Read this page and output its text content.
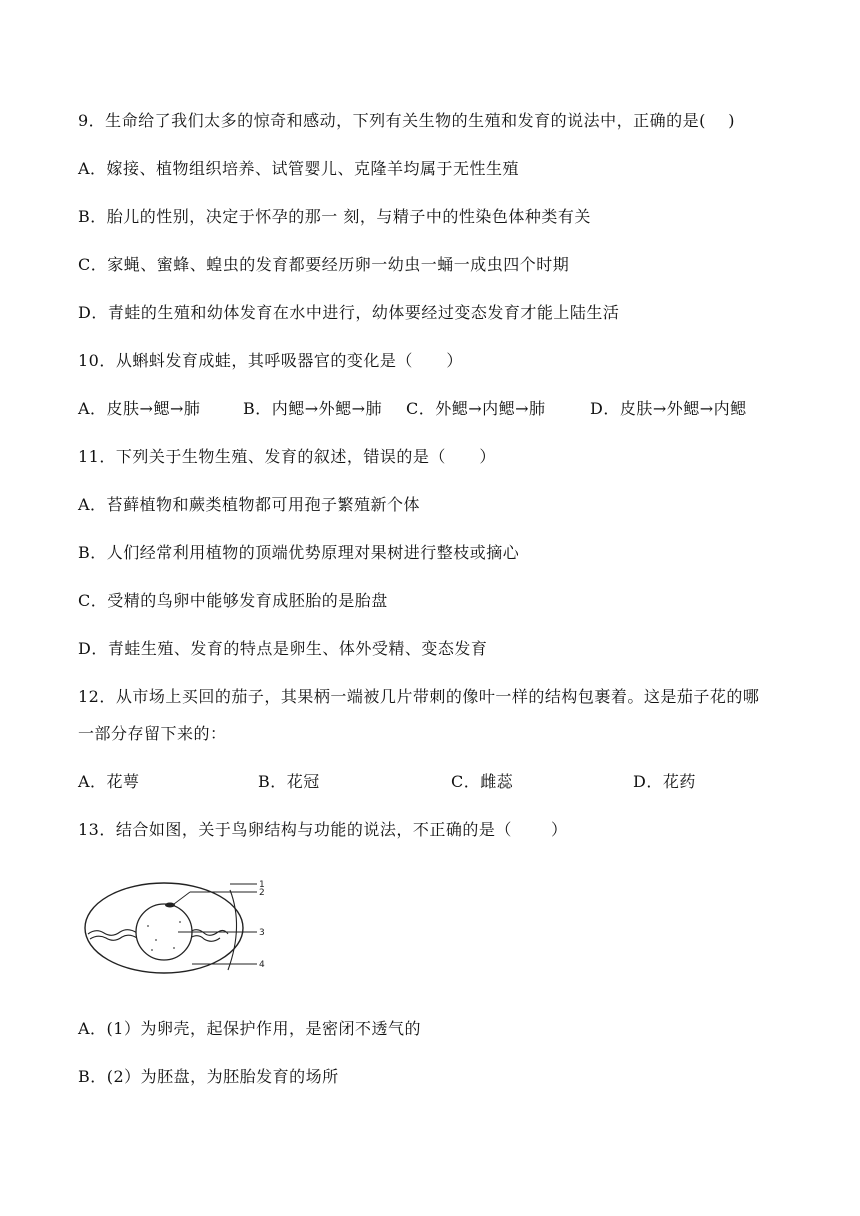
9．生命给了我们太多的惊奇和感动，下列有关生物的生殖和发育的说法中，正确的是(    )
A．嫁接、植物组织培养、试管婴儿、克隆羊均属于无性生殖
B．胎儿的性别，决定于怀孕的那一 刻，与精子中的性染色体种类有关
C．家蝇、蜜蜂、蝗虫的发育都要经历卵一幼虫一蛹一成虫四个时期
D．青蛙的生殖和幼体发育在水中进行，幼体要经过变态发育才能上陆生活
10．从蝌蚪发育成蛙，其呼吸器官的变化是（      ）
A．皮肤→鳃→肺	B．内鳃→外鳃→肺 C．外鳃→内鳃→肺	D．皮肤→外鳃→内鳃
11．下列关于生物生殖、发育的叙述，错误的是（      ）
A．苔藓植物和蕨类植物都可用孢子繁殖新个体
B．人们经常利用植物的顶端优势原理对果树进行整枝或摘心
C．受精的鸟卵中能够发育成胚胎的是胎盘
D．青蛙生殖、发育的特点是卵生、体外受精、变态发育
12．从市场上买回的茄子，其果柄一端被几片带刺的像叶一样的结构包裹着。这是茄子花的哪
一部分存留下来的：
A．花萼	B．花冠	C．雌蕊	D．花药
13．结合如图，关于鸟卵结构与功能的说法，不正确的是（       ）
1
2
3
4
A．(1）为卵壳，起保护作用，是密闭不透气的
B．(2）为胚盘，为胚胎发育的场所
